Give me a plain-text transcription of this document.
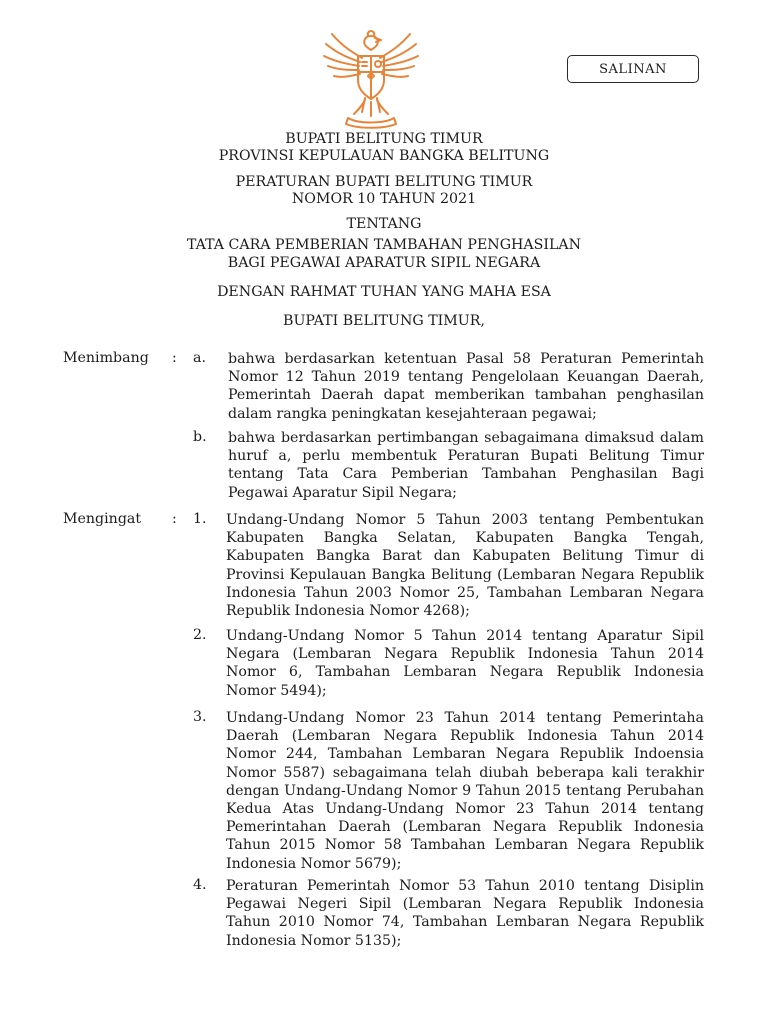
SALINAN
BUPATI BELITUNG TIMUR
PROVINSI KEPULAUAN BANGKA BELITUNG
PERATURAN BUPATI BELITUNG TIMUR
NOMOR 10 TAHUN 2021
TENTANG
TATA CARA PEMBERIAN TAMBAHAN PENGHASILAN
BAGI PEGAWAI APARATUR SIPIL NEGARA
DENGAN RAHMAT TUHAN YANG MAHA ESA
BUPATI BELITUNG TIMUR,
Menimbang : a. bahwa berdasarkan ketentuan Pasal 58 Peraturan Pemerintah Nomor 12 Tahun 2019 tentang Pengelolaan Keuangan Daerah, Pemerintah Daerah dapat memberikan tambahan penghasilan dalam rangka peningkatan kesejahteraan pegawai;
b. bahwa berdasarkan pertimbangan sebagaimana dimaksud dalam huruf a, perlu membentuk Peraturan Bupati Belitung Timur tentang Tata Cara Pemberian Tambahan Penghasilan Bagi Pegawai Aparatur Sipil Negara;
Mengingat : 1. Undang-Undang Nomor 5 Tahun 2003 tentang Pembentukan Kabupaten Bangka Selatan, Kabupaten Bangka Tengah, Kabupaten Bangka Barat dan Kabupaten Belitung Timur di Provinsi Kepulauan Bangka Belitung (Lembaran Negara Republik Indonesia Tahun 2003 Nomor 25, Tambahan Lembaran Negara Republik Indonesia Nomor 4268);
2. Undang-Undang Nomor 5 Tahun 2014 tentang Aparatur Sipil Negara (Lembaran Negara Republik Indonesia Tahun 2014 Nomor 6, Tambahan Lembaran Negara Republik Indonesia Nomor 5494);
3. Undang-Undang Nomor 23 Tahun 2014 tentang Pemerintaha Daerah (Lembaran Negara Republik Indonesia Tahun 2014 Nomor 244, Tambahan Lembaran Negara Republik Indoensia Nomor 5587) sebagaimana telah diubah beberapa kali terakhir dengan Undang-Undang Nomor 9 Tahun 2015 tentang Perubahan Kedua Atas Undang-Undang Nomor 23 Tahun 2014 tentang Pemerintahan Daerah (Lembaran Negara Republik Indonesia Tahun 2015 Nomor 58 Tambahan Lembaran Negara Republik Indonesia Nomor 5679);
4. Peraturan Pemerintah Nomor 53 Tahun 2010 tentang Disiplin Pegawai Negeri Sipil (Lembaran Negara Republik Indonesia Tahun 2010 Nomor 74, Tambahan Lembaran Negara Republik Indonesia Nomor 5135);
